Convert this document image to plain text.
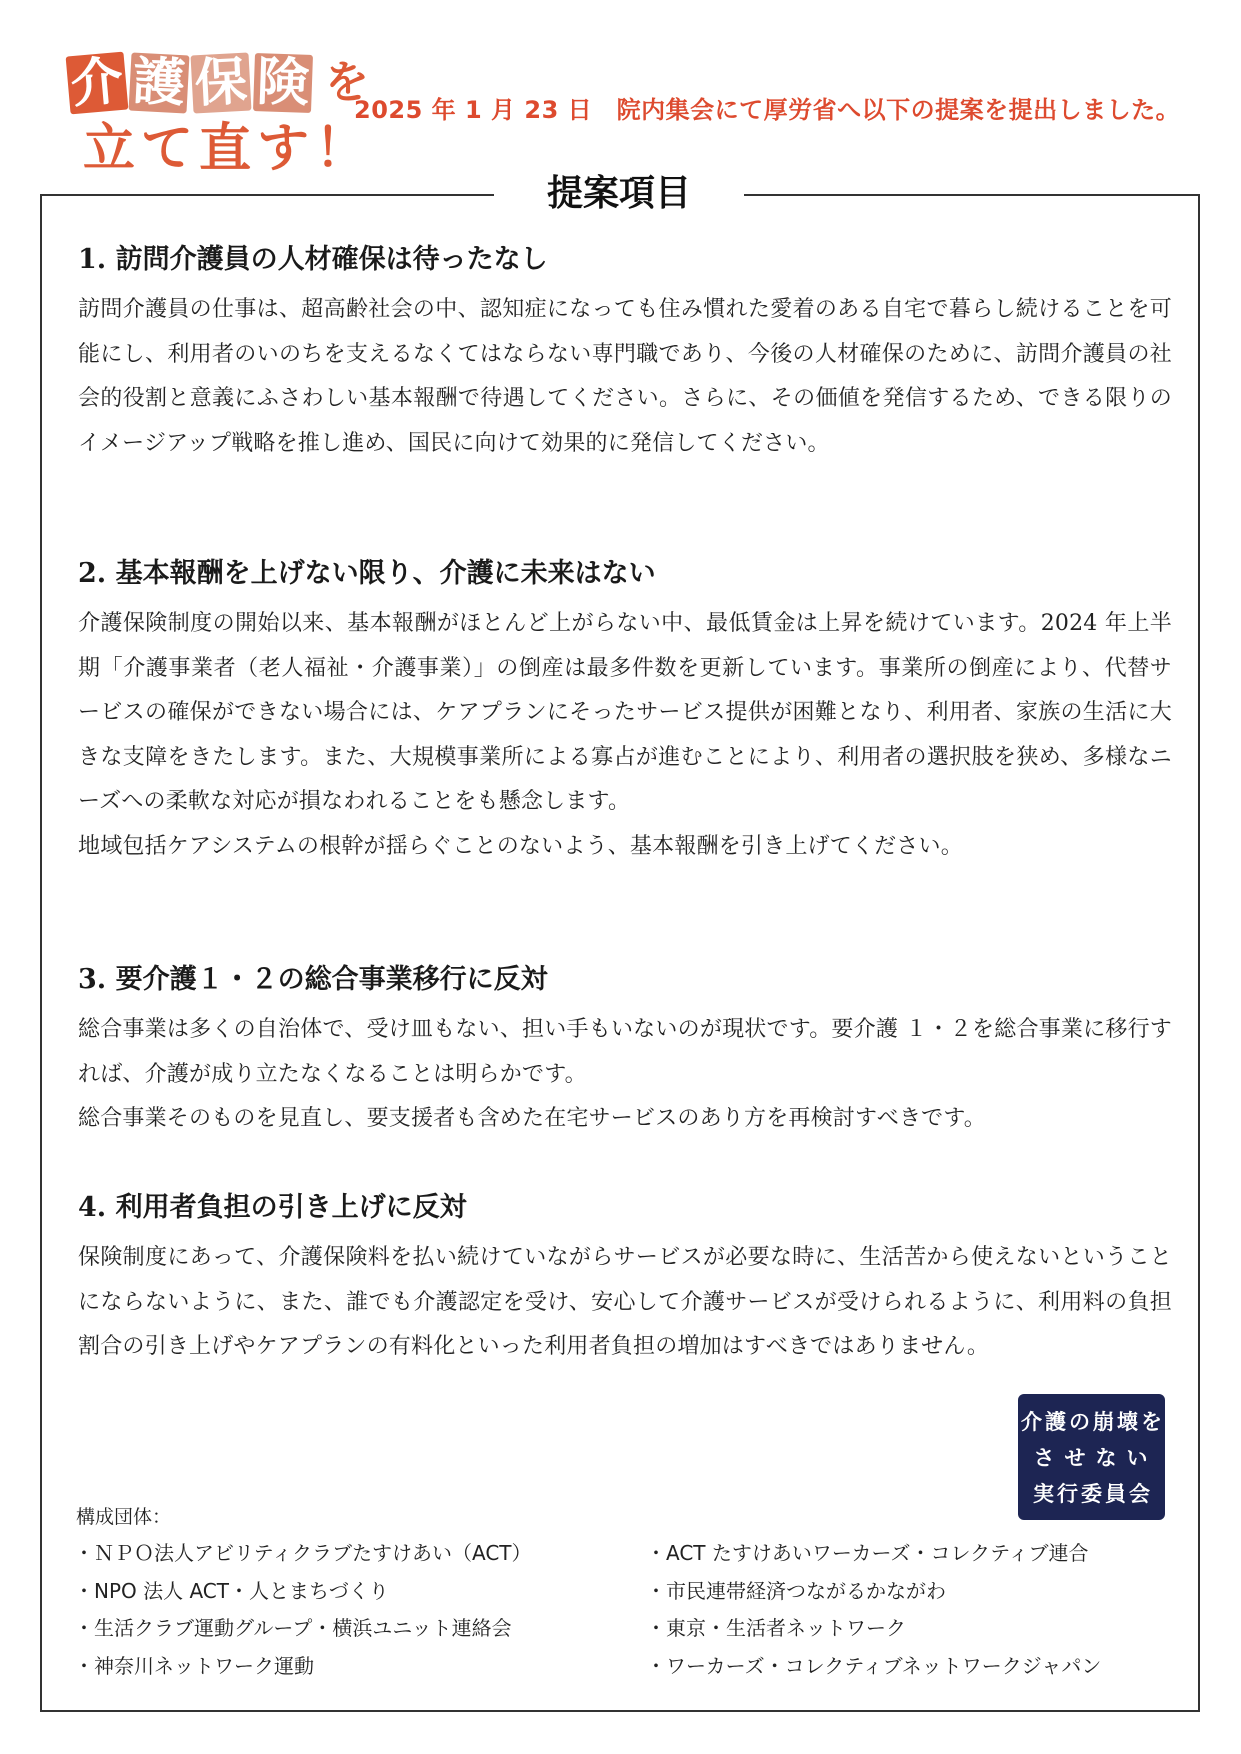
介 護 保 険 を
立 て 直 す ！
2025 年 1 月 23 日　院内集会にて厚労省へ以下の提案を提出しました。
提案項目
1. 訪問介護員の人材確保は待ったなし

訪問介護員の仕事は、超高齢社会の中、認知症になっても住み慣れた愛着のある自宅で暮らし続けることを可能にし、利用者のいのちを支えるなくてはならない専門職であり、今後の人材確保のために、訪問介護員の社会的役割と意義にふさわしい基本報酬で待遇してください。さらに、その価値を発信するため、できる限りのイメージアップ戦略を推し進め、国民に向けて効果的に発信してください。

2. 基本報酬を上げない限り、介護に未来はない

介護保険制度の開始以来、基本報酬がほとんど上がらない中、最低賃金は上昇を続けています。2024 年上半期「介護事業者（老人福祉・介護事業）」の倒産は最多件数を更新しています。事業所の倒産により、代替サービスの確保ができない場合には、ケアプランにそったサービス提供が困難となり、利用者、家族の生活に大きな支障をきたします。また、大規模事業所による寡占が進むことにより、利用者の選択肢を狭め、多様なニーズへの柔軟な対応が損なわれることをも懸念します。

地域包括ケアシステムの根幹が揺らぐことのないよう、基本報酬を引き上げてください。

3. 要介護１・２の総合事業移行に反対

総合事業は多くの自治体で、受け皿もない、担い手もいないのが現状です。要介護 １・２を総合事業に移行すれば、介護が成り立たなくなることは明らかです。

総合事業そのものを見直し、要支援者も含めた在宅サービスのあり方を再検討すべきです。

4. 利用者負担の引き上げに反対

保険制度にあって、介護保険料を払い続けていながらサービスが必要な時に、生活苦から使えないということにならないように、また、誰でも介護認定を受け、安心して介護サービスが受けられるように、利用料の負担割合の引き上げやケアプランの有料化といった利用者負担の増加はすべきではありません。

介護の崩壊を
させない
実行委員会
構成団体：
・ＮＰＯ法人アビリティクラブたすけあい（ACT）
・NPO 法人 ACT・人とまちづくり
・生活クラブ運動グループ・横浜ユニット連絡会
・神奈川ネットワーク運動
・ACT たすけあいワーカーズ・コレクティブ連合
・市民連帯経済つながるかながわ
・東京・生活者ネットワーク
・ワーカーズ・コレクティブネットワークジャパン
